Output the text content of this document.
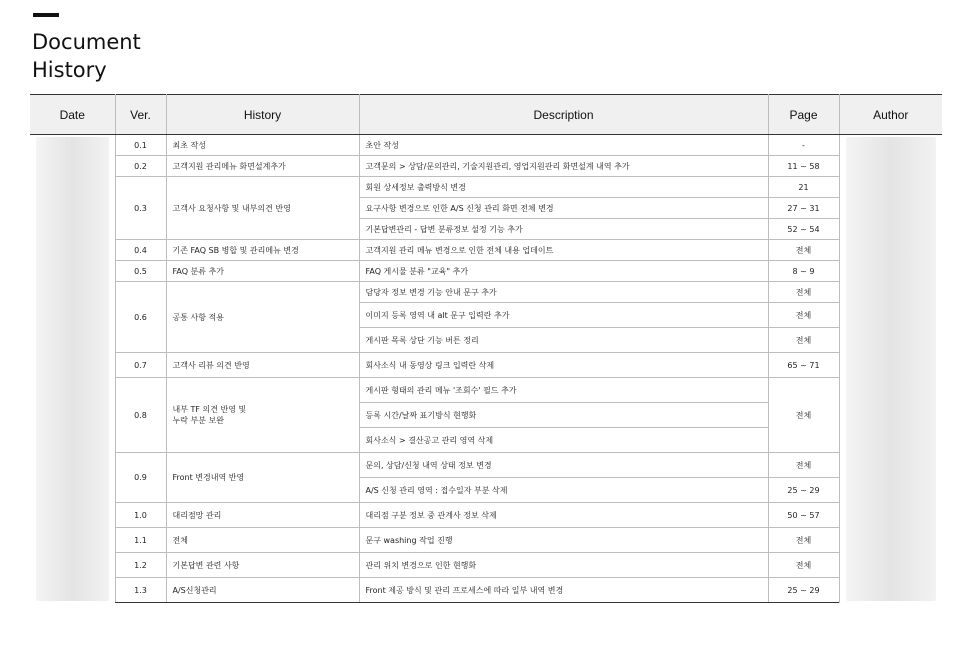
Document
History
Date	Ver.	History	Description	Page	Author

	0.1	최초 작성	초안 작성	-	

	0.2	고객지원 관리메뉴 화면설계추가	고객문의 > 상담/문의관리, 기술지원관리, 영업지원관리 화면설계 내역 추가	11 ~ 58	
	0.3	고객사 요청사항 및 내부의견 반영	회원 상세정보 출력방식 변경	21	
			요구사항 변경으로 인한 A/S 신청 관리 화면 전체 변경	27 ~ 31	
			기본답변관리 - 답변 분류정보 설정 기능 추가	52 ~ 54	
	0.4	기존 FAQ SB 병합 및 관리메뉴 변경	고객지원 관리 메뉴 변경으로 인한 전체 내용 업데이트	전체	
	0.5	FAQ 분류 추가	FAQ 게시물 분류 "교육" 추가	8 ~ 9	
	0.6	공통 사항 적용	담당자 정보 변경 기능 안내 문구 추가	전체	
			이미지 등록 영역 내 alt 문구 입력란 추가	전체	
			게시판 목록 상단 기능 버튼 정리	전체	
	0.7	고객사 리뷰 의견 반영	회사소식 내 동영상 링크 입력란 삭제	65 ~ 71	
	0.8	내부 TF 의견 반영 및
누락 부분 보완	게시판 형태의 관리 메뉴 '조회수' 필드 추가	전체	
			등록 시간/날짜 표기방식 현행화		
			회사소식 > 결산공고 관리 영역 삭제		
	0.9	Front 변경내역 반영	문의, 상담/신청 내역 상태 정보 변경	전체	
			A/S 신청 관리 영역 : 접수일자 부분 삭제	25 ~ 29	
	1.0	대리점망 관리	대리점 구분 정보 중 관계사 정보 삭제	50 ~ 57	
	1.1	전체	문구 washing 작업 진행	전체	
	1.2	기본답변 관련 사항	관리 위치 변경으로 인한 현행화	전체	
	1.3	A/S신청관리	Front 제공 방식 및 관리 프로세스에 따라 일부 내역 변경	25 ~ 29	
